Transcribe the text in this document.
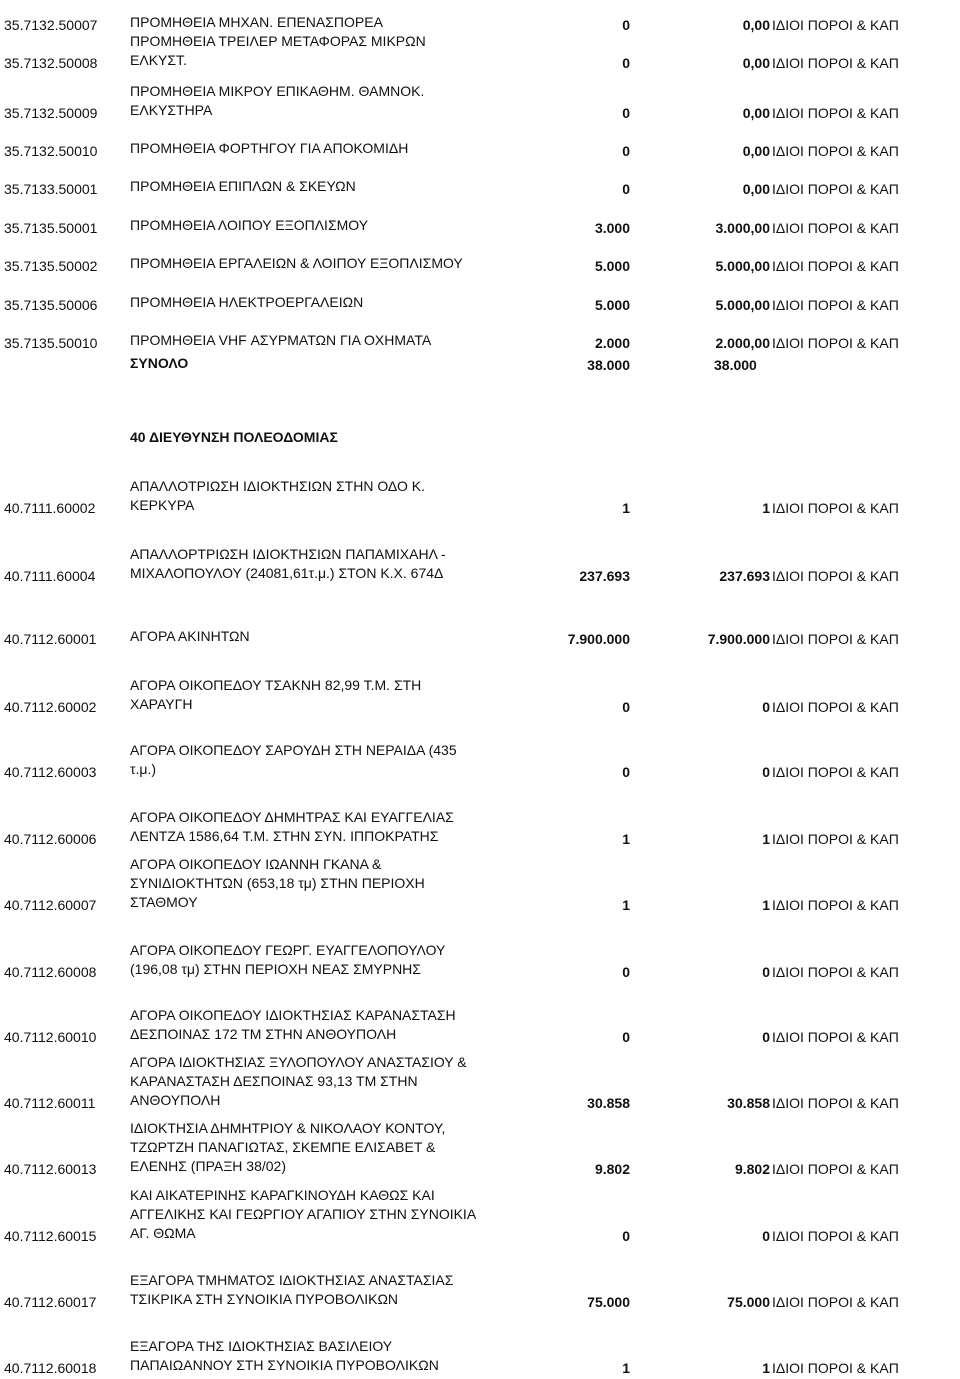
35.7132.50007 ΠΡΟΜΗΘΕΙΑ ΜΗΧΑΝ. ΕΠΕΝΑΣΠΟΡΕΑ	0	0,00 ΙΔΙΟΙ ΠΟΡΟΙ & ΚΑΠ
35.7132.50008
ΠΡΟΜΗΘΕΙΑ ΤΡΕΙΛΕΡ ΜΕΤΑΦΟΡΑΣ ΜΙΚΡΩΝ
ΕΛΚΥΣΤ.	0	0,00 ΙΔΙΟΙ ΠΟΡΟΙ & ΚΑΠ
35.7132.50009
ΠΡΟΜΗΘΕΙΑ ΜΙΚΡΟΥ ΕΠΙΚΑΘΗΜ. ΘΑΜΝΟΚ.
ΕΛΚΥΣΤΗΡΑ	0	0,00 ΙΔΙΟΙ ΠΟΡΟΙ & ΚΑΠ
35.7132.50010 ΠΡΟΜΗΘΕΙΑ ΦΟΡΤΗΓΟΥ ΓΙΑ ΑΠΟΚΟΜΙΔΗ	0	0,00 ΙΔΙΟΙ ΠΟΡΟΙ & ΚΑΠ
35.7133.50001 ΠΡΟΜΗΘΕΙΑ ΕΠΙΠΛΩΝ & ΣΚΕΥΩΝ	0	0,00 ΙΔΙΟΙ ΠΟΡΟΙ & ΚΑΠ
35.7135.50001 ΠΡΟΜΗΘΕΙΑ ΛΟΙΠΟΥ ΕΞΟΠΛΙΣΜΟΥ	3.000	3.000,00 ΙΔΙΟΙ ΠΟΡΟΙ & ΚΑΠ
35.7135.50002 ΠΡΟΜΗΘΕΙΑ ΕΡΓΑΛΕΙΩΝ & ΛΟΙΠΟΥ ΕΞΟΠΛΙΣΜΟΥ	5.000	5.000,00 ΙΔΙΟΙ ΠΟΡΟΙ & ΚΑΠ
35.7135.50006 ΠΡΟΜΗΘΕΙΑ ΗΛΕΚΤΡΟΕΡΓΑΛΕΙΩΝ	5.000	5.000,00 ΙΔΙΟΙ ΠΟΡΟΙ & ΚΑΠ
35.7135.50010 ΠΡΟΜΗΘΕΙΑ VHF ΑΣΥΡΜΑΤΩΝ ΓΙΑ ΟΧΗΜΑΤΑ	2.000	2.000,00 ΙΔΙΟΙ ΠΟΡΟΙ & ΚΑΠ
ΣΥΝΟΛΟ	38.000	38.000
40 ΔΙΕΥΘΥΝΣΗ ΠΟΛΕΟΔΟΜΙΑΣ
40.7111.60002
ΑΠΑΛΛΟΤΡΙΩΣΗ ΙΔΙΟΚΤΗΣΙΩΝ ΣΤΗΝ ΟΔΟ Κ.
ΚΕΡΚΥΡΑ	1	1 ΙΔΙΟΙ ΠΟΡΟΙ & ΚΑΠ
40.7111.60004
ΑΠΑΛΛΟΡΤΡΙΩΣΗ ΙΔΙΟΚΤΗΣΙΩΝ ΠΑΠΑΜΙΧΑΗΛ -
ΜΙΧΑΛΟΠΟΥΛΟΥ (24081,61τ.μ.) ΣΤΟΝ Κ.Χ. 674Δ	237.693	237.693 ΙΔΙΟΙ ΠΟΡΟΙ & ΚΑΠ
40.7112.60001 ΑΓΟΡΑ ΑΚΙΝΗΤΩΝ	7.900.000	7.900.000 ΙΔΙΟΙ ΠΟΡΟΙ & ΚΑΠ
40.7112.60002
ΑΓΟΡΑ ΟΙΚΟΠΕΔΟΥ ΤΣΑΚΝΗ 82,99 Τ.Μ. ΣΤΗ
ΧΑΡΑΥΓΗ	0	0 ΙΔΙΟΙ ΠΟΡΟΙ & ΚΑΠ
40.7112.60003
ΑΓΟΡΑ ΟΙΚΟΠΕΔΟΥ ΣΑΡΟΥΔΗ ΣΤΗ ΝΕΡΑΙΔΑ (435
τ.μ.)	0	0 ΙΔΙΟΙ ΠΟΡΟΙ & ΚΑΠ
40.7112.60006
ΑΓΟΡΑ ΟΙΚΟΠΕΔΟΥ ΔΗΜΗΤΡΑΣ ΚΑΙ ΕΥΑΓΓΕΛΙΑΣ
ΛΕΝΤΖΑ 1586,64 Τ.Μ. ΣΤΗΝ ΣΥΝ. ΙΠΠΟΚΡΑΤΗΣ	1	1 ΙΔΙΟΙ ΠΟΡΟΙ & ΚΑΠ
40.7112.60007
ΑΓΟΡΑ ΟΙΚΟΠΕΔΟΥ ΙΩΑΝΝΗ ΓΚΑΝΑ &
ΣΥΝΙΔΙΟΚΤΗΤΩΝ (653,18 τμ) ΣΤΗΝ ΠΕΡΙΟΧΗ
ΣΤΑΘΜΟΥ	1	1 ΙΔΙΟΙ ΠΟΡΟΙ & ΚΑΠ
40.7112.60008
ΑΓΟΡΑ ΟΙΚΟΠΕΔΟΥ ΓΕΩΡΓ. ΕΥΑΓΓΕΛΟΠΟΥΛΟΥ
(196,08 τμ) ΣΤΗΝ ΠΕΡΙΟΧΗ ΝΕΑΣ ΣΜΥΡΝΗΣ	0	0 ΙΔΙΟΙ ΠΟΡΟΙ & ΚΑΠ
40.7112.60010
ΑΓΟΡΑ ΟΙΚΟΠΕΔΟΥ ΙΔΙΟΚΤΗΣΙΑΣ ΚΑΡΑΝΑΣΤΑΣΗ
ΔΕΣΠΟΙΝΑΣ 172 ΤΜ ΣΤΗΝ ΑΝΘΟΥΠΟΛΗ	0	0 ΙΔΙΟΙ ΠΟΡΟΙ & ΚΑΠ
40.7112.60011
ΑΓΟΡΑ ΙΔΙΟΚΤΗΣΙΑΣ ΞΥΛΟΠΟΥΛΟΥ ΑΝΑΣΤΑΣΙΟΥ &
ΚΑΡΑΝΑΣΤΑΣΗ ΔΕΣΠΟΙΝΑΣ 93,13 ΤΜ ΣΤΗΝ
ΑΝΘΟΥΠΟΛΗ	30.858	30.858 ΙΔΙΟΙ ΠΟΡΟΙ & ΚΑΠ
40.7112.60013
ΙΔΙΟΚΤΗΣΙΑ ΔΗΜΗΤΡΙΟΥ & ΝΙΚΟΛΑΟΥ ΚΟΝΤΟΥ,
ΤΖΩΡΤΖΗ ΠΑΝΑΓΙΩΤΑΣ, ΣΚΕΜΠΕ ΕΛΙΣΑΒΕΤ &
ΕΛΕΝΗΣ (ΠΡΑΞΗ 38/02)	9.802	9.802 ΙΔΙΟΙ ΠΟΡΟΙ & ΚΑΠ
40.7112.60015
ΚΑΙ ΑΙΚΑΤΕΡΙΝΗΣ ΚΑΡΑΓΚΙΝΟΥΔΗ ΚΑΘΩΣ ΚΑΙ
ΑΓΓΕΛΙΚΗΣ ΚΑΙ ΓΕΩΡΓΙΟΥ ΑΓΑΠΙΟΥ ΣΤΗΝ ΣΥΝΟΙΚΙΑ
ΑΓ. ΘΩΜΑ	0	0 ΙΔΙΟΙ ΠΟΡΟΙ & ΚΑΠ
40.7112.60017
ΕΞΑΓΟΡΑ ΤΜΗΜΑΤΟΣ ΙΔΙΟΚΤΗΣΙΑΣ ΑΝΑΣΤΑΣΙΑΣ
ΤΣΙΚΡΙΚΑ ΣΤΗ ΣΥΝΟΙΚΙΑ ΠΥΡΟΒΟΛΙΚΩΝ	75.000	75.000 ΙΔΙΟΙ ΠΟΡΟΙ & ΚΑΠ
40.7112.60018
ΕΞΑΓΟΡΑ ΤΗΣ ΙΔΙΟΚΤΗΣΙΑΣ ΒΑΣΙΛΕΙΟΥ
ΠΑΠΑΙΩΑΝΝΟΥ ΣΤΗ ΣΥΝΟΙΚΙΑ ΠΥΡΟΒΟΛΙΚΩΝ	1	1 ΙΔΙΟΙ ΠΟΡΟΙ & ΚΑΠ
